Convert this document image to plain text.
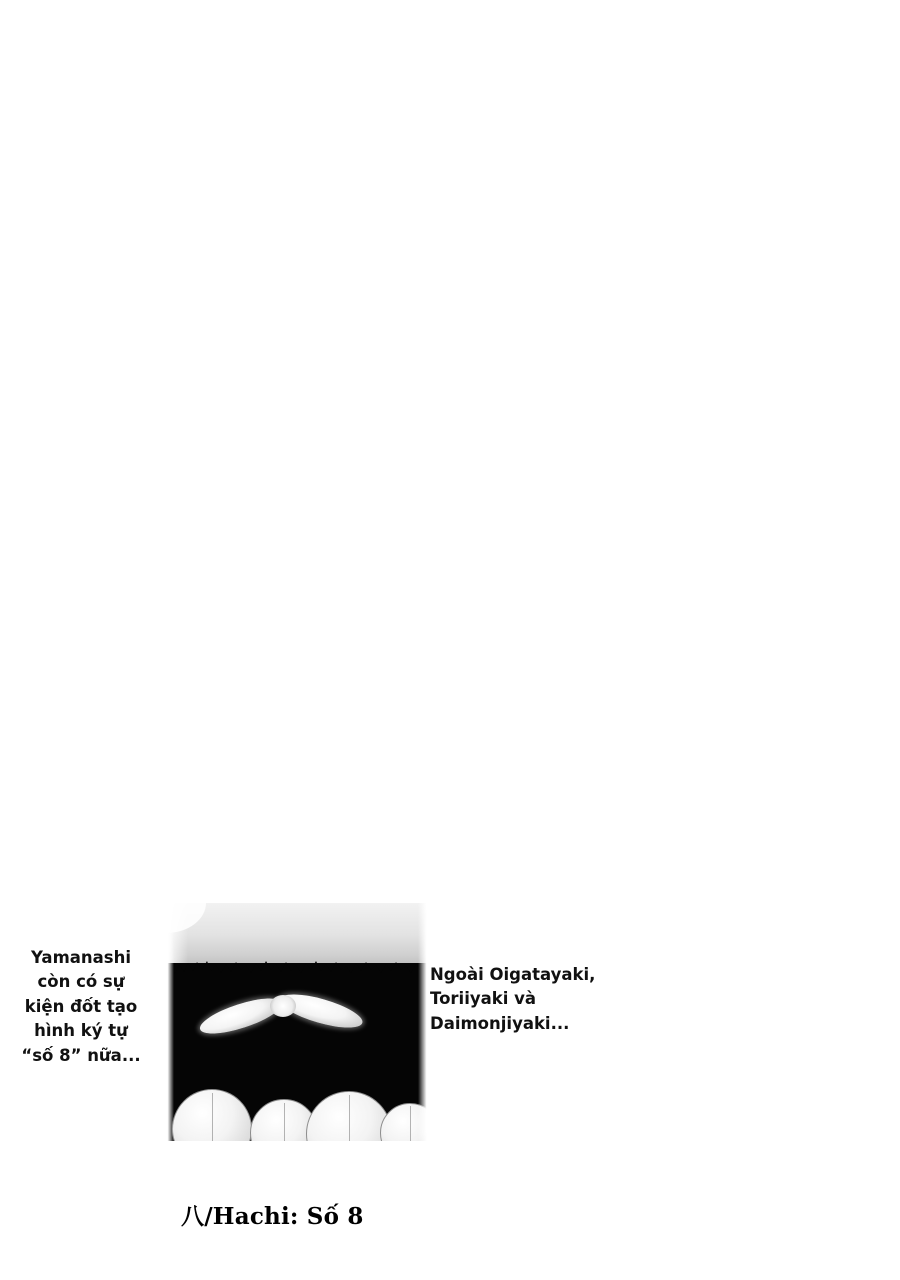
Yamanashi còn có sự kiện đốt tạo hình ký tự “số 8” nữa...
Ngoài Oigatayaki, Toriiyaki và Daimonjiyaki...
八/Hachi: Số 8
